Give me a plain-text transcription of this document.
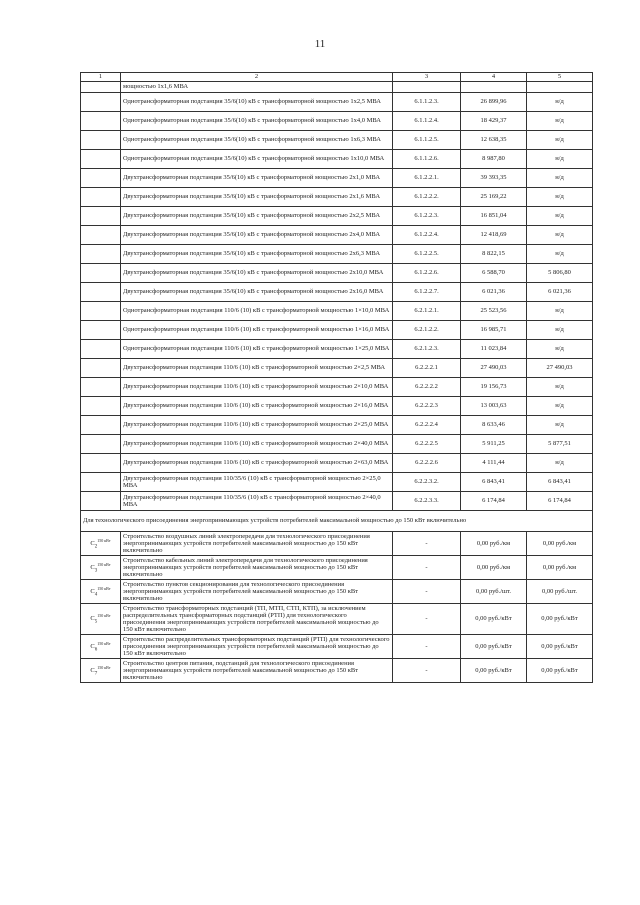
11
1	2	3	4	5
	мощностью 1х1,6 МВА			
	Однотрансформаторная подстанция 35/6(10) кВ с трансформаторной мощностью 1х2,5 МВА	6.1.1.2.3.	26 899,96	н/д
	Однотрансформаторная подстанция 35/6(10) кВ с трансформаторной мощностью 1х4,0 МВА	6.1.1.2.4.	18 429,37	н/д
	Однотрансформаторная подстанция 35/6(10) кВ с трансформаторной мощностью 1х6,3 МВА	6.1.1.2.5.	12 638,35	н/д
	Однотрансформаторная подстанция 35/6(10) кВ с трансформаторной мощностью 1х10,0 МВА	6.1.1.2.6.	8 987,80	н/д
	Двухтрансформаторная подстанция 35/6(10) кВ с трансформаторной мощностью 2х1,0 МВА	6.1.2.2.1.	39 393,35	н/д
	Двухтрансформаторная подстанция 35/6(10) кВ с трансформаторной мощностью 2х1,6 МВА	6.1.2.2.2.	25 169,22	н/д
	Двухтрансформаторная подстанция 35/6(10) кВ с трансформаторной мощностью 2х2,5 МВА	6.1.2.2.3.	16 851,04	н/д
	Двухтрансформаторная подстанция 35/6(10) кВ с трансформаторной мощностью 2х4,0 МВА	6.1.2.2.4.	12 418,69	н/д
	Двухтрансформаторная подстанция 35/6(10) кВ с трансформаторной мощностью 2х6,3 МВА	6.1.2.2.5.	8 822,15	н/д
	Двухтрансформаторная подстанция 35/6(10) кВ с трансформаторной мощностью 2х10,0 МВА	6.1.2.2.6.	6 588,70	5 806,80
	Двухтрансформаторная подстанция 35/6(10) кВ с трансформаторной мощностью 2х16,0 МВА	6.1.2.2.7.	6 021,36	6 021,36
	Однотрансформаторная подстанция 110/6 (10) кВ с трансформаторной мощностью 1×10,0 МВА	6.2.1.2.1.	25 523,56	н/д
	Однотрансформаторная подстанция 110/6 (10) кВ с трансформаторной мощностью 1×16,0 МВА	6.2.1.2.2.	16 985,71	н/д
	Однотрансформаторная подстанция 110/6 (10) кВ с трансформаторной мощностью 1×25,0 МВА	6.2.1.2.3.	11 023,84	н/д
	Двухтрансформаторная подстанция 110/6 (10) кВ с трансформаторной мощностью 2×2,5 МВА	6.2.2.2.1	27 490,03	27 490,03
	Двухтрансформаторная подстанция 110/6 (10) кВ с трансформаторной мощностью 2×10,0 МВА	6.2.2.2.2	19 156,73	н/д
	Двухтрансформаторная подстанция 110/6 (10) кВ с трансформаторной мощностью 2×16,0 МВА	6.2.2.2.3	13 003,63	н/д
	Двухтрансформаторная подстанция 110/6 (10) кВ с трансформаторной мощностью 2×25,0 МВА	6.2.2.2.4	8 633,46	н/д
	Двухтрансформаторная подстанция 110/6 (10) кВ с трансформаторной мощностью 2×40,0 МВА	6.2.2.2.5	5 911,25	5 877,51
	Двухтрансформаторная подстанция 110/6 (10) кВ с трансформаторной мощностью 2×63,0 МВА	6.2.2.2.6	4 111,44	н/д
	Двухтрансформаторная подстанция 110/35/6 (10) кВ с трансформаторной мощностью 2×25,0 МВА	6.2.2.3.2.	6 843,41	6 843,41
	Двухтрансформаторная подстанция 110/35/6 (10) кВ с трансформаторной мощностью 2×40,0 МВА	6.2.2.3.3.	6 174,84	6 174,84
Для технологического присоединения энергопринимающих устройств потребителей максимальной мощностью до 150 кВт включительно				
$C_2^{150 кВт}$	Строительство воздушных линий электропередачи для технологического присоединения энергопринимающих устройств потребителей максимальной мощностью до 150 кВт включительно	-	0,00 руб./км	0,00 руб./км
$C_3^{150 кВт}$	Строительство кабельных линий электропередачи для технологического присоединения энергопринимающих устройств потребителей максимальной мощностью до 150 кВт включительно	-	0,00 руб./км	0,00 руб./км
$C_4^{150 кВт}$	Строительство пунктов секционирования для технологического присоединения энергопринимающих устройств потребителей максимальной мощностью до 150 кВт включительно	-	0,00 руб./шт.	0,00 руб./шт.
$C_5^{150 кВт}$	Строительство трансформаторных подстанций (ТП, МТП, СТП, КТП), за исключением распределительных трансформаторных подстанций (РТП) для технологического присоединения энергопринимающих устройств потребителей максимальной мощностью до 150 кВт включительно	-	0,00 руб./кВт	0,00 руб./кВт
$C_6^{150 кВт}$	Строительство распределительных трансформаторных подстанций (РТП) для технологического присоединения энергопринимающих устройств потребителей максимальной мощностью до 150 кВт включительно	-	0,00 руб./кВт	0,00 руб./кВт
$C_7^{150 кВт}$	Строительство центров питания, подстанций для технологического присоединения энергопринимающих устройств потребителей максимальной мощностью до 150 кВт включительно	-	0,00 руб./кВт	0,00 руб./кВт
